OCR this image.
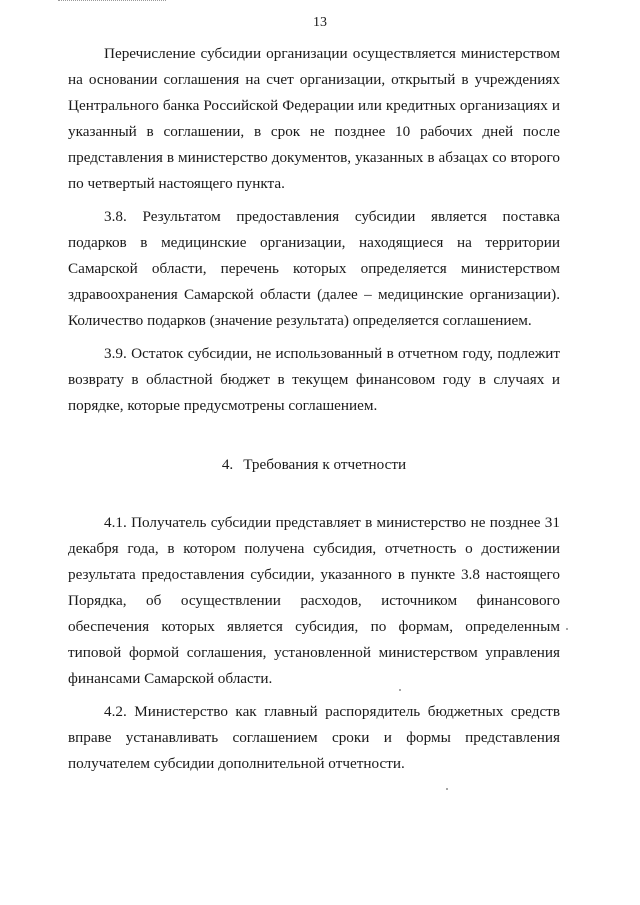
13

Перечисление субсидии организации осуществляется министерством на основании соглашения на счет организации, открытый в учреждениях Центрального банка Российской Федерации или кредитных организациях и указанный в соглашении, в срок не позднее 10 рабочих дней после представления в министерство документов, указанных в абзацах со второго по четвертый настоящего пункта.

3.8. Результатом предоставления субсидии является поставка подарков в медицинские организации, находящиеся на территории Самарской области, перечень которых определяется министерством здравоохранения Самарской области (далее – медицинские организации). Количество подарков (значение результата) определяется соглашением.

3.9. Остаток субсидии, не использованный в отчетном году, подлежит возврату в областной бюджет в текущем финансовом году в случаях и порядке, которые предусмотрены соглашением.

4. Требования к отчетности

4.1. Получатель субсидии представляет в министерство не позднее 31 декабря года, в котором получена субсидия, отчетность о достижении результата предоставления субсидии, указанного в пункте 3.8 настоящего Порядка, об осуществлении расходов, источником финансового обеспечения которых является субсидия, по формам, определенным типовой формой соглашения, установленной министерством управления финансами Самарской области.

4.2. Министерство как главный распорядитель бюджетных средств вправе устанавливать соглашением сроки и формы представления получателем субсидии дополнительной отчетности.
